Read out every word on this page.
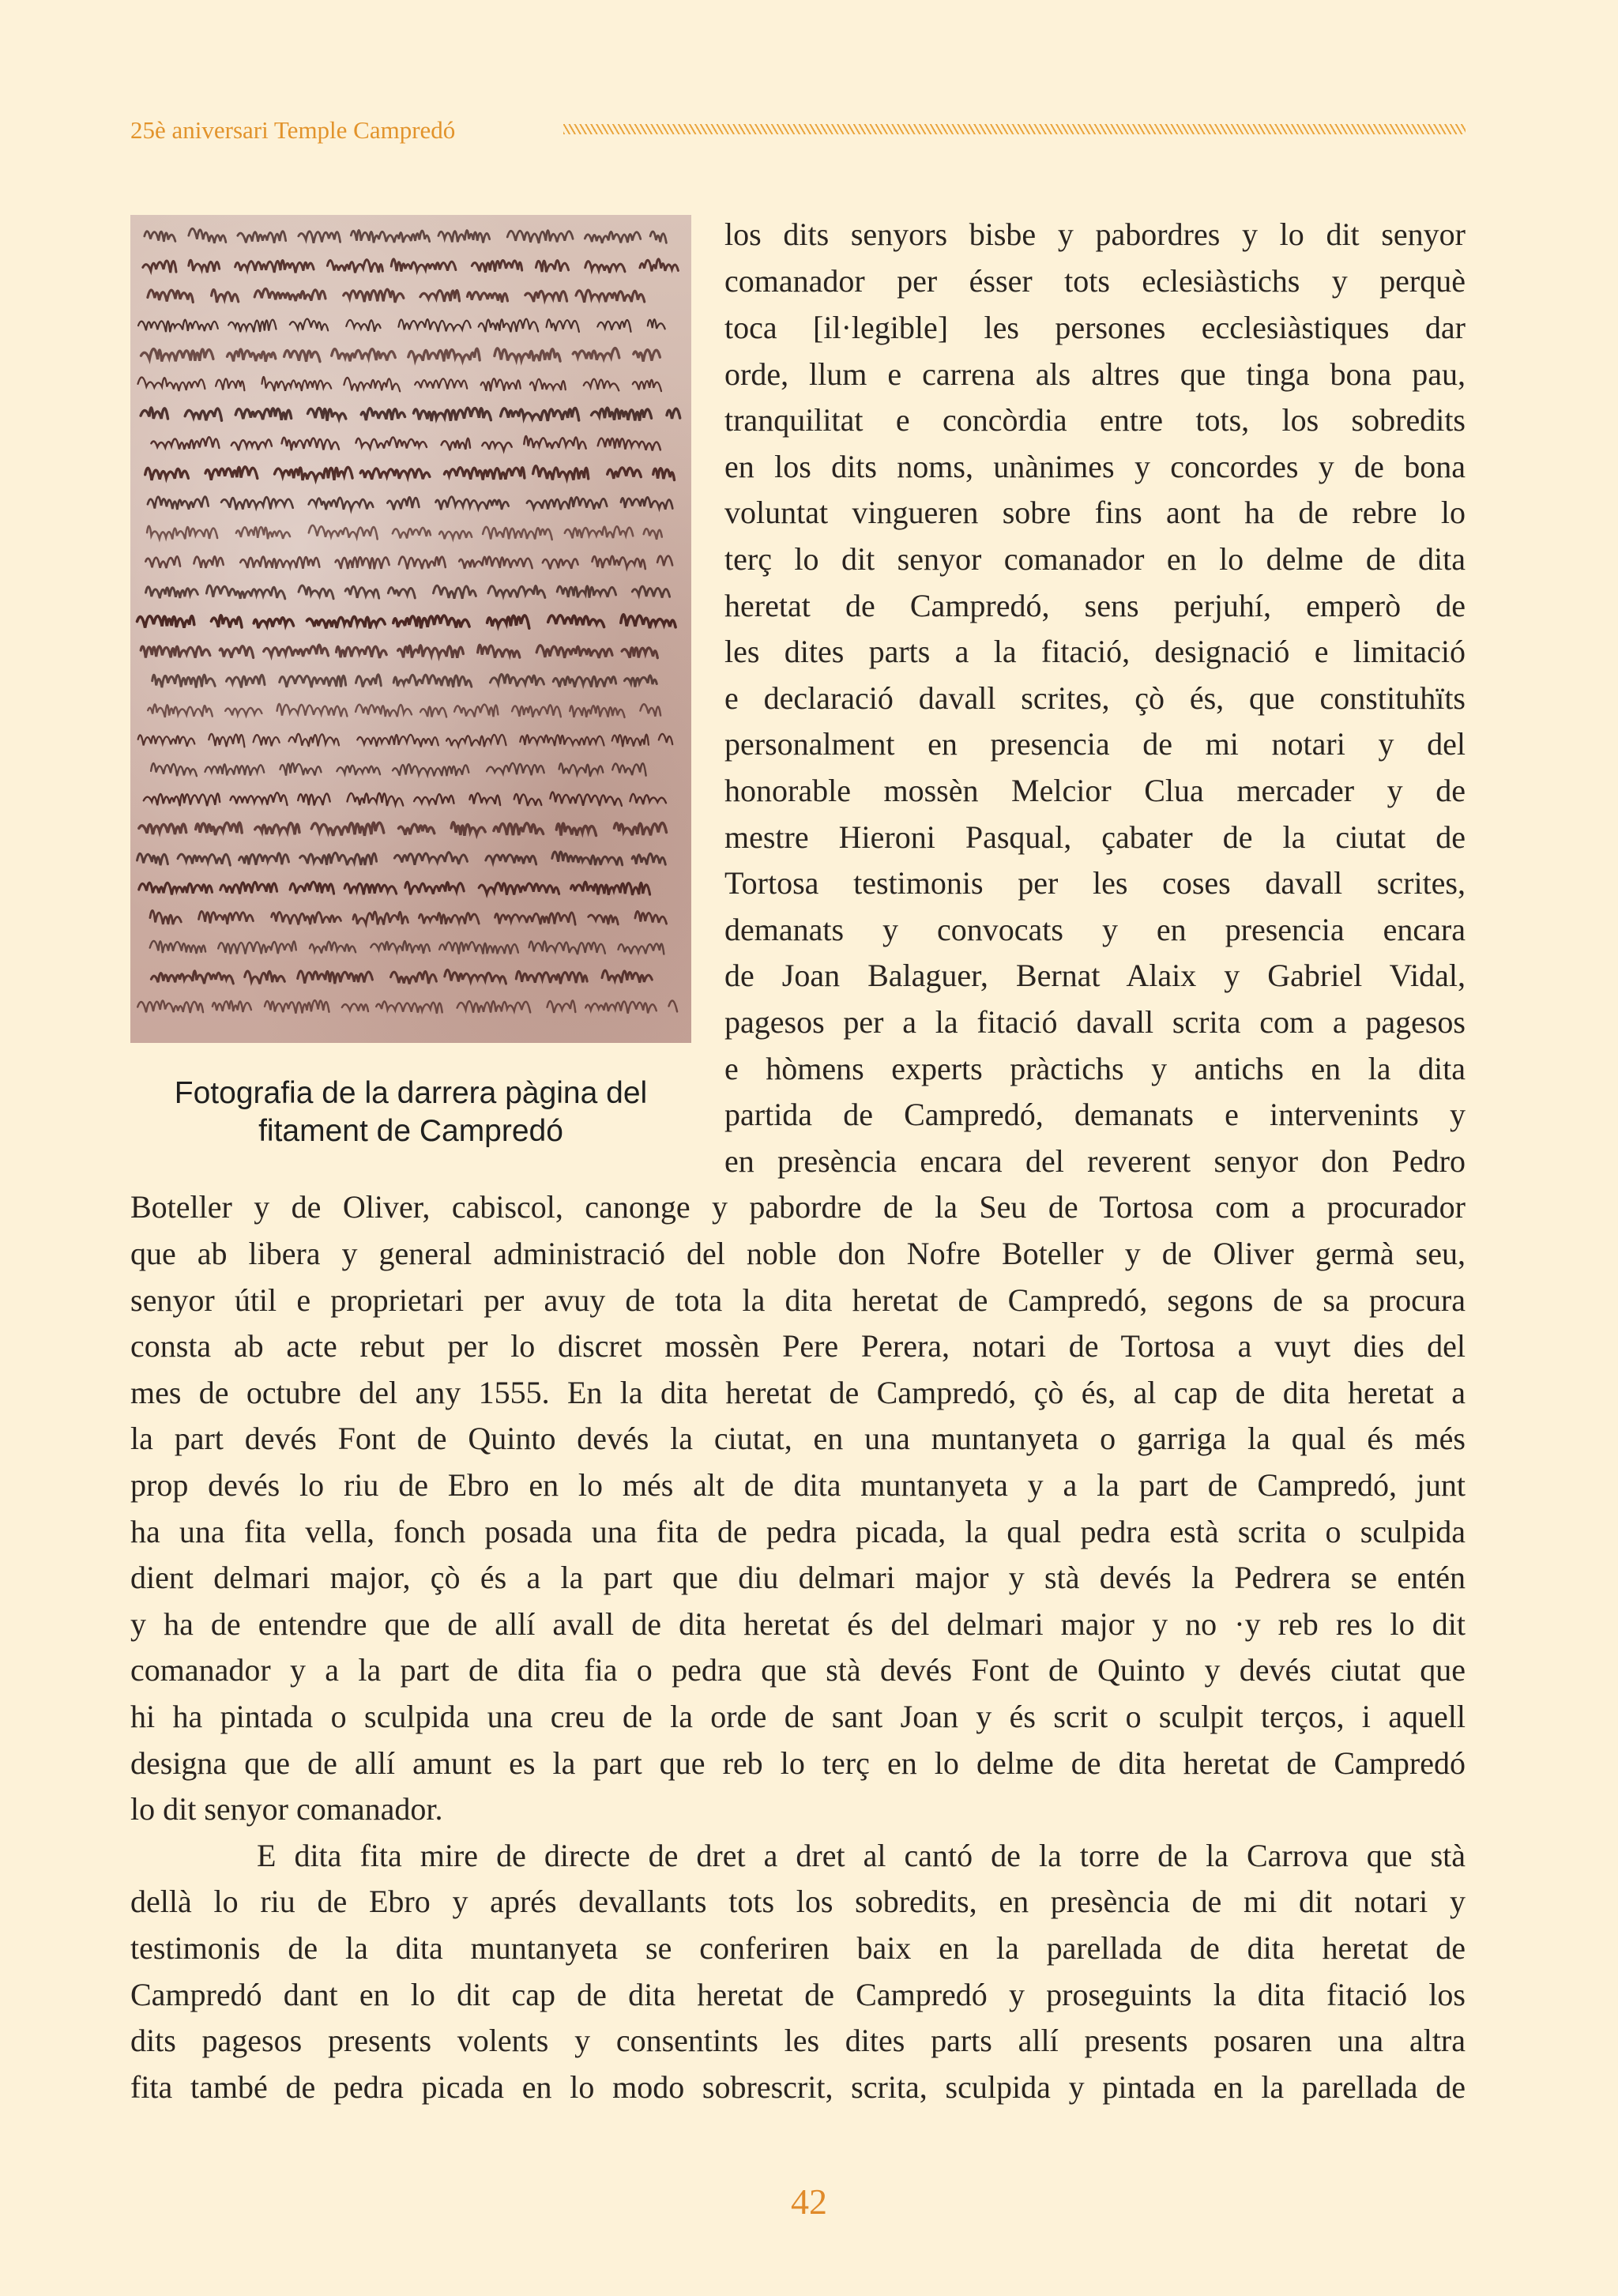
25è aniversari Temple Campredó
Fotografia de la darrera pàgina del
fitament de Campredó
los dits senyors bisbe y pabordres y lo dit senyor
comanador per ésser tots eclesiàstichs y perquè
toca [il·legible] les persones ecclesiàstiques dar
orde, llum e carrena als altres que tinga bona pau,
tranquilitat e concòrdia entre tots, los sobredits
en los dits noms, unànimes y concordes y de bona
voluntat vingueren sobre fins aont ha de rebre lo
terç lo dit senyor comanador en lo delme de dita
heretat de Campredó, sens perjuhí, emperò de
les dites parts a la fitació, designació e limitació
e declaració davall scrites, çò és, que constituhïts
personalment en presencia de mi notari y del
honorable mossèn Melcior Clua mercader y de
mestre Hieroni Pasqual, çabater de la ciutat de
Tortosa testimonis per les coses davall scrites,
demanats y convocats y en presencia encara
de Joan Balaguer, Bernat Alaix y Gabriel Vidal,
pagesos per a la fitació davall scrita com a pagesos
e hòmens experts pràctichs y antichs en la dita
partida de Campredó, demanats e intervenints y
en presència encara del reverent senyor don Pedro
Boteller y de Oliver, cabiscol, canonge y pabordre de la Seu de Tortosa com a procurador
que ab libera y general administració del noble don Nofre Boteller y de Oliver germà seu,
senyor útil e proprietari per avuy de tota la dita heretat de Campredó, segons de sa procura
consta ab acte rebut per lo discret mossèn Pere Perera, notari de Tortosa a vuyt dies del
mes de octubre del any 1555. En la dita heretat de Campredó, çò és, al cap de dita heretat a
la part devés Font de Quinto devés la ciutat, en una muntanyeta o garriga la qual és més
prop devés lo riu de Ebro en lo més alt de dita muntanyeta y a la part de Campredó, junt
ha una fita vella, fonch posada una fita de pedra picada, la qual pedra està scrita o sculpida
dient delmari major, çò és a la part que diu delmari major y stà devés la Pedrera se entén
y ha de entendre que de allí avall de dita heretat és del delmari major y no ·y reb res lo dit
comanador y a la part de dita fia o pedra que stà devés Font de Quinto y devés ciutat que
hi ha pintada o sculpida una creu de la orde de sant Joan y és scrit o sculpit terços, i aquell
designa que de allí amunt es la part que reb lo terç en lo delme de dita heretat de Campredó
lo dit senyor comanador.
E dita fita mire de directe de dret a dret al cantó de la torre de la Carrova que stà
dellà lo riu de Ebro y aprés devallants tots los sobredits, en presència de mi dit notari y
testimonis de la dita muntanyeta se conferiren baix en la parellada de dita heretat de
Campredó dant en lo dit cap de dita heretat de Campredó y proseguints la dita fitació los
dits pagesos presents volents y consentints les dites parts allí presents posaren una altra
fita també de pedra picada en lo modo sobrescrit, scrita, sculpida y pintada en la parellada de
42
